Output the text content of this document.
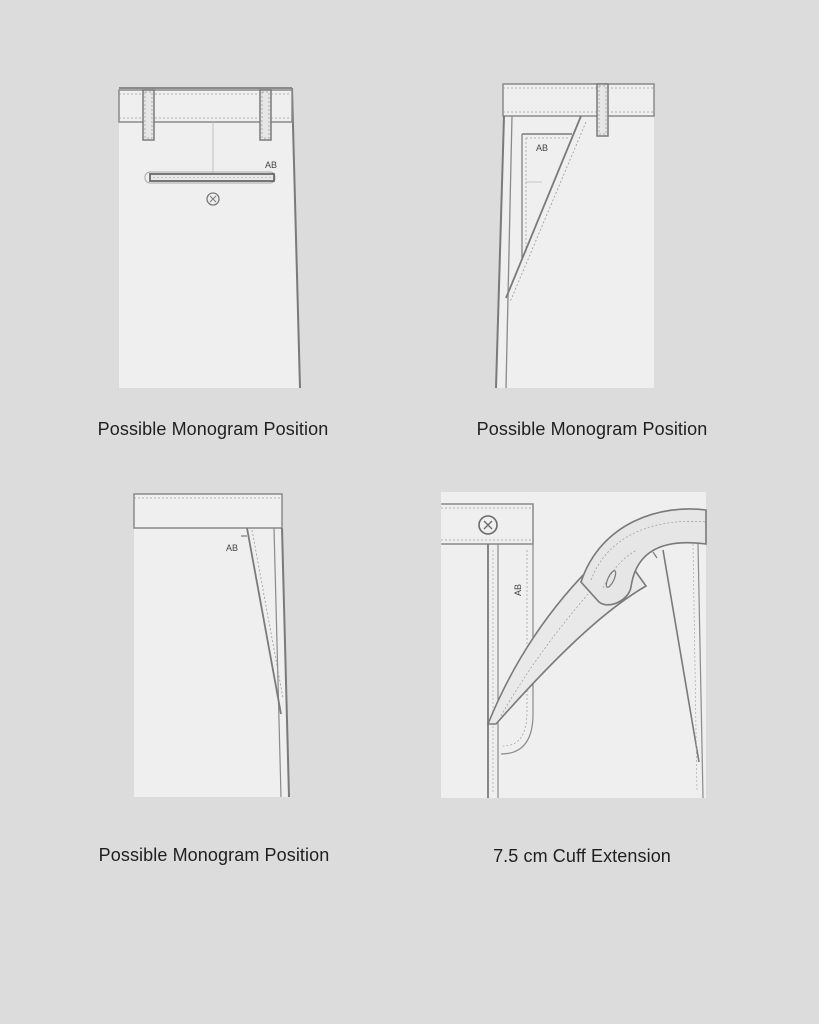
AB
Possible Monogram Position
AB
Possible Monogram Position
AB
Possible Monogram Position
AB
7.5 cm Cuff Extension
